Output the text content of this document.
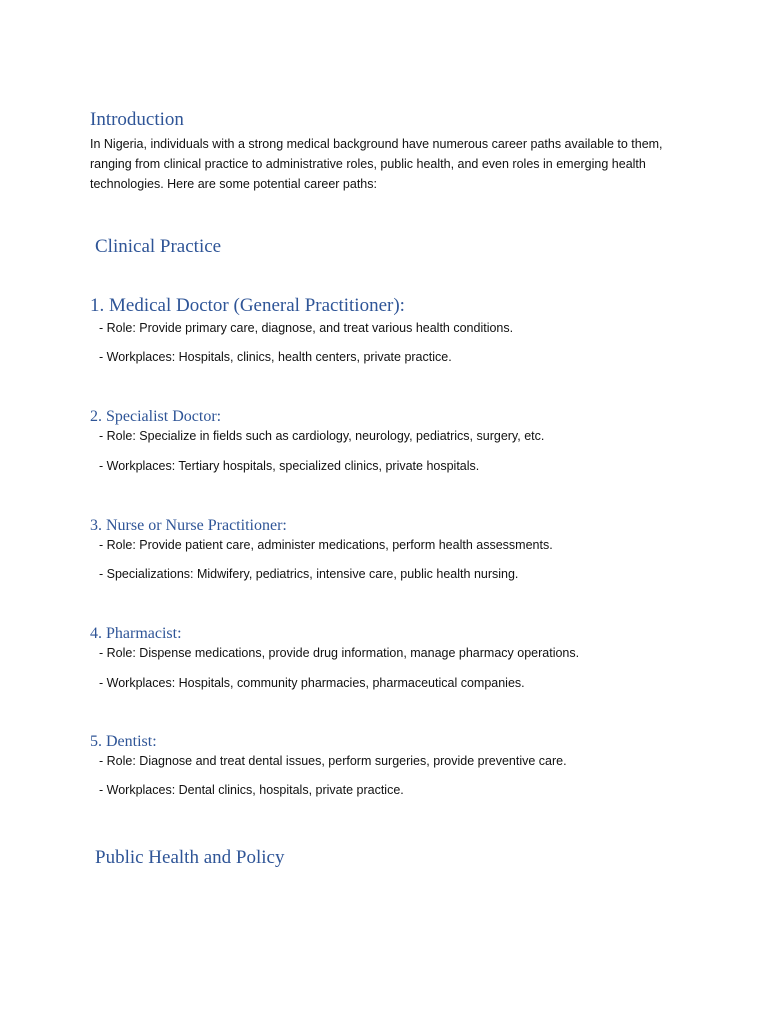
Introduction

In Nigeria, individuals with a strong medical background have numerous career paths available to them, ranging from clinical practice to administrative roles, public health, and even roles in emerging health technologies. Here are some potential career paths:

Clinical Practice
1. Medical Doctor (General Practitioner):

- Role: Provide primary care, diagnose, and treat various health conditions.

- Workplaces: Hospitals, clinics, health centers, private practice.

2. Specialist Doctor:

- Role: Specialize in fields such as cardiology, neurology, pediatrics, surgery, etc.

- Workplaces: Tertiary hospitals, specialized clinics, private hospitals.

3. Nurse or Nurse Practitioner:

- Role: Provide patient care, administer medications, perform health assessments.

- Specializations: Midwifery, pediatrics, intensive care, public health nursing.

4. Pharmacist:

- Role: Dispense medications, provide drug information, manage pharmacy operations.

- Workplaces: Hospitals, community pharmacies, pharmaceutical companies.

5. Dentist:

- Role: Diagnose and treat dental issues, perform surgeries, provide preventive care.

- Workplaces: Dental clinics, hospitals, private practice.

Public Health and Policy
